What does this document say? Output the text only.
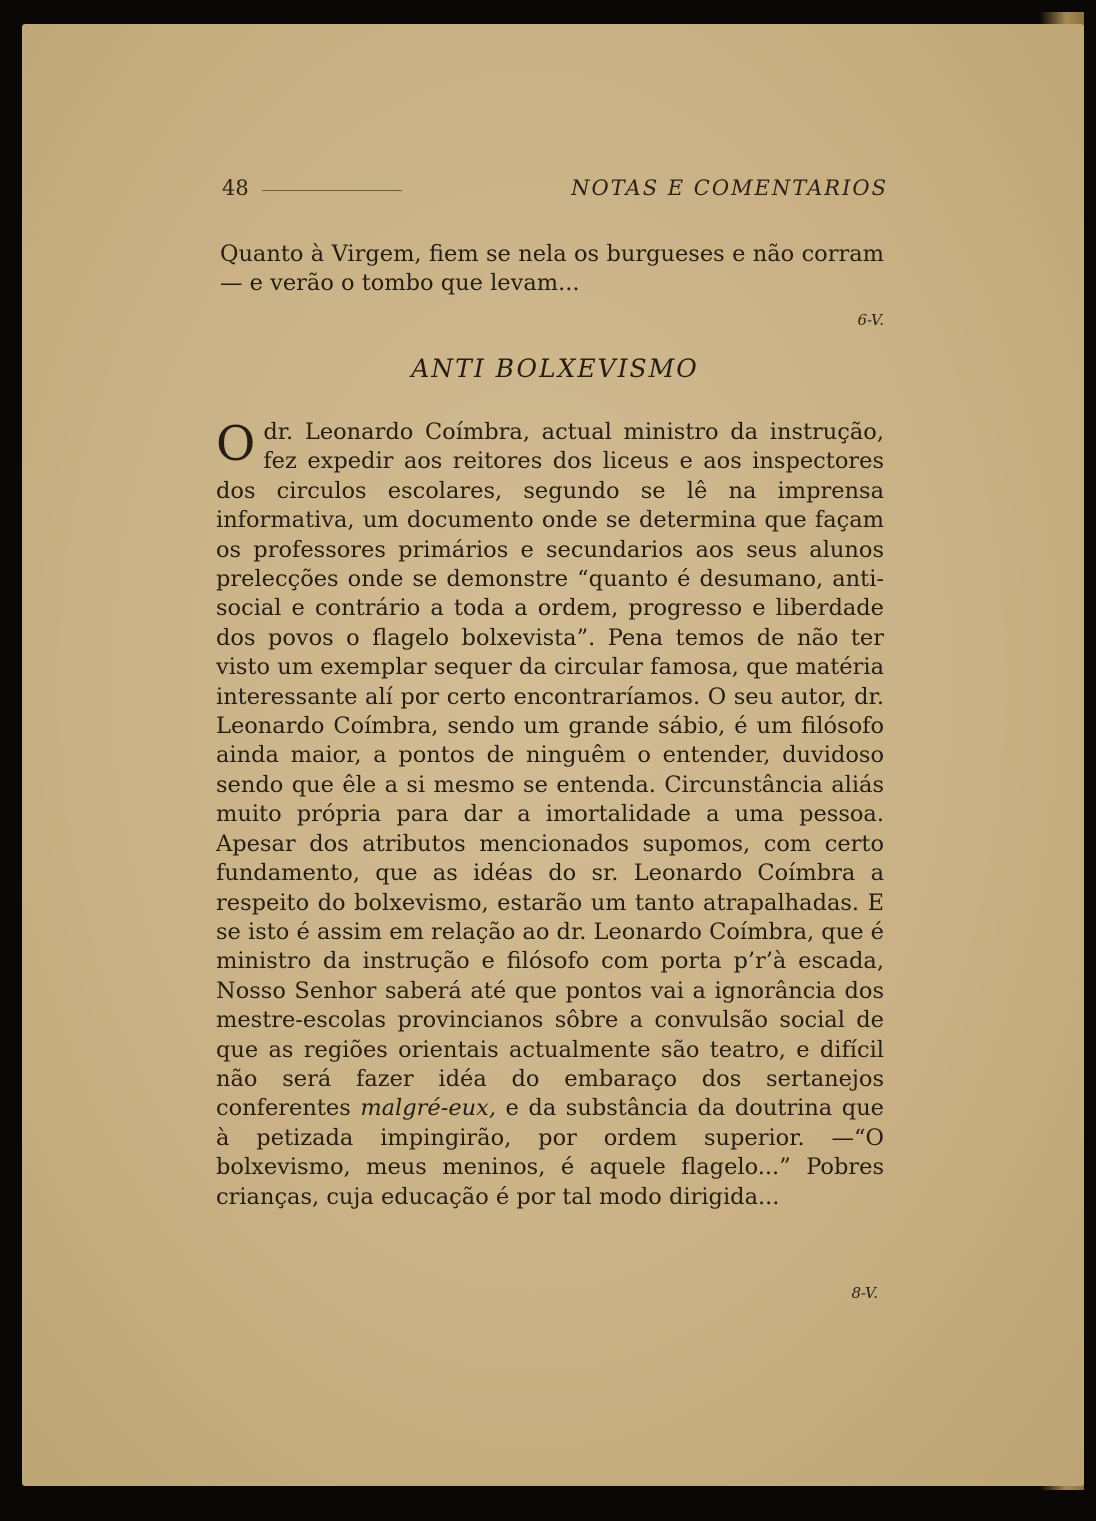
48	NOTAS E COMENTARIOS

Quanto à Virgem, fiem se nela os burgueses e não corram — e verão o tombo que levam...

6-V.
ANTI BOLXEVISMO
O dr. Leonardo Coímbra, actual ministro da instrução, fez expedir aos reitores dos liceus e aos inspectores dos circulos escolares, segundo se lê na imprensa informativa, um documento onde se determina que façam os professores primários e secundarios aos seus alunos prelecções onde se demonstre “quanto é desumano, anti-social e contrário a toda a ordem, progresso e liberdade dos povos o flagelo bolxevista”. Pena temos de não ter visto um exemplar sequer da circular famosa, que matéria interessante alí por certo encontraríamos. O seu autor, dr. Leonardo Coímbra, sendo um grande sábio, é um filósofo ainda maior, a pontos de ninguêm o entender, duvidoso sendo que êle a si mesmo se entenda. Circunstância aliás muito própria para dar a imortalidade a uma pessoa. Apesar dos atributos mencionados supomos, com certo fundamento, que as idéas do sr. Leonardo Coímbra a respeito do bolxevismo, estarão um tanto atrapalhadas. E se isto é assim em relação ao dr. Leonardo Coímbra, que é ministro da instrução e filósofo com porta p’r’à escada, Nosso Senhor saberá até que pontos vai a ignorância dos mestre-escolas provincianos sôbre a convulsão social de que as regiões orientais actualmente são teatro, e difícil não será fazer idéa do embaraço dos sertanejos conferentes malgré-eux, e da substância da doutrina que à petizada impingirão, por ordem superior. —“O bolxevismo, meus meninos, é aquele flagelo...” Pobres crianças, cuja educação é por tal modo dirigida...
8-V.
